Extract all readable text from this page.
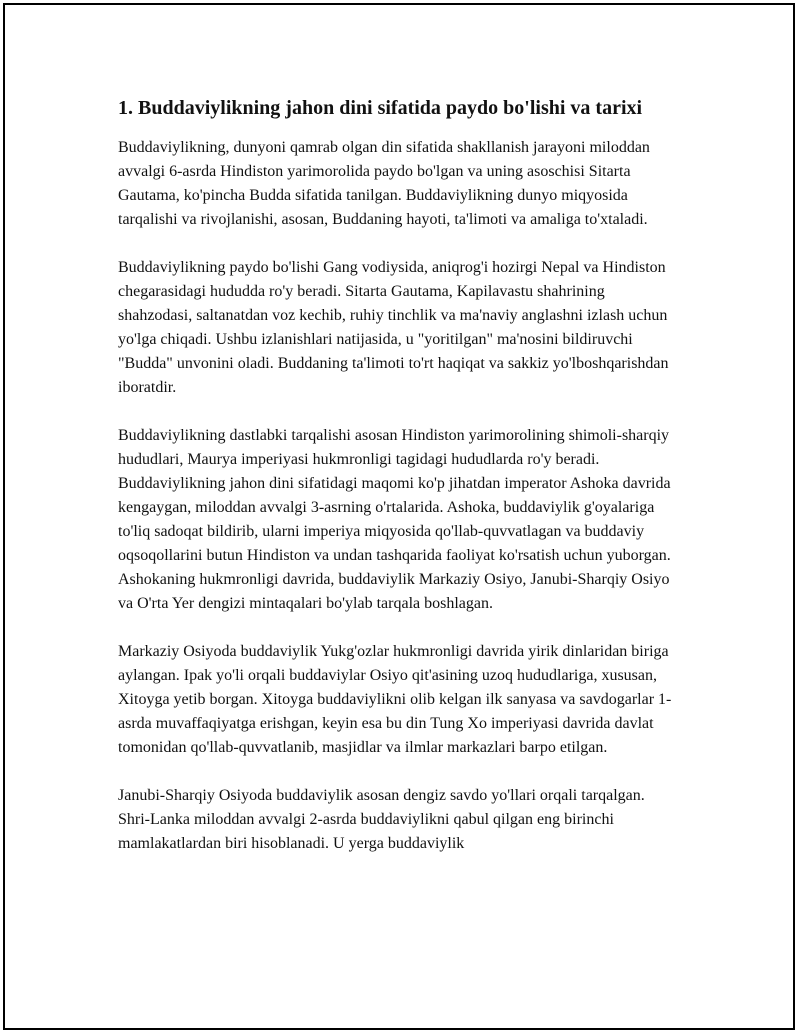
1. Buddaviylikning jahon dini sifatida paydo bo'lishi va tarixi

Buddaviylikning, dunyoni qamrab olgan din sifatida shakllanish jarayoni miloddan avvalgi 6-asrda Hindiston yarimorolida paydo bo'lgan va uning asoschisi Sitarta Gautama, ko'pincha Budda sifatida tanilgan. Buddaviylikning dunyo miqyosida tarqalishi va rivojlanishi, asosan, Buddaning hayoti, ta'limoti va amaliga to'xtaladi.

Buddaviylikning paydo bo'lishi Gang vodiysida, aniqrog'i hozirgi Nepal va Hindiston chegarasidagi hududda ro'y beradi. Sitarta Gautama, Kapilavastu shahrining shahzodasi, saltanatdan voz kechib, ruhiy tinchlik va ma'naviy anglashni izlash uchun yo'lga chiqadi. Ushbu izlanishlari natijasida, u "yoritilgan" ma'nosini bildiruvchi "Budda" unvonini oladi. Buddaning ta'limoti to'rt haqiqat va sakkiz yo'lboshqarishdan iboratdir.

Buddaviylikning dastlabki tarqalishi asosan Hindiston yarimorolining shimoli-sharqiy hududlari, Maurya imperiyasi hukmronligi tagidagi hududlarda ro'y beradi. Buddaviylikning jahon dini sifatidagi maqomi ko'p jihatdan imperator Ashoka davrida kengaygan, miloddan avvalgi 3-asrning o'rtalarida. Ashoka, buddaviylik g'oyalariga to'liq sadoqat bildirib, ularni imperiya miqyosida qo'llab-quvvatlagan va buddaviy oqsoqollarini butun Hindiston va undan tashqarida faoliyat ko'rsatish uchun yuborgan. Ashokaning hukmronligi davrida, buddaviylik Markaziy Osiyo, Janubi-Sharqiy Osiyo va O'rta Yer dengizi mintaqalari bo'ylab tarqala boshlagan.

Markaziy Osiyoda buddaviylik Yukg'ozlar hukmronligi davrida yirik dinlaridan biriga aylangan. Ipak yo'li orqali buddaviylar Osiyo qit'asining uzoq hududlariga, xususan, Xitoyga yetib borgan. Xitoyga buddaviylikni olib kelgan ilk sanyasa va savdogarlar 1-asrda muvaffaqiyatga erishgan, keyin esa bu din Tung Xo imperiyasi davrida davlat tomonidan qo'llab-quvvatlanib, masjidlar va ilmlar markazlari barpo etilgan.

Janubi-Sharqiy Osiyoda buddaviylik asosan dengiz savdo yo'llari orqali tarqalgan. Shri-Lanka miloddan avvalgi 2-asrda buddaviylikni qabul qilgan eng birinchi mamlakatlardan biri hisoblanadi. U yerga buddaviylik
